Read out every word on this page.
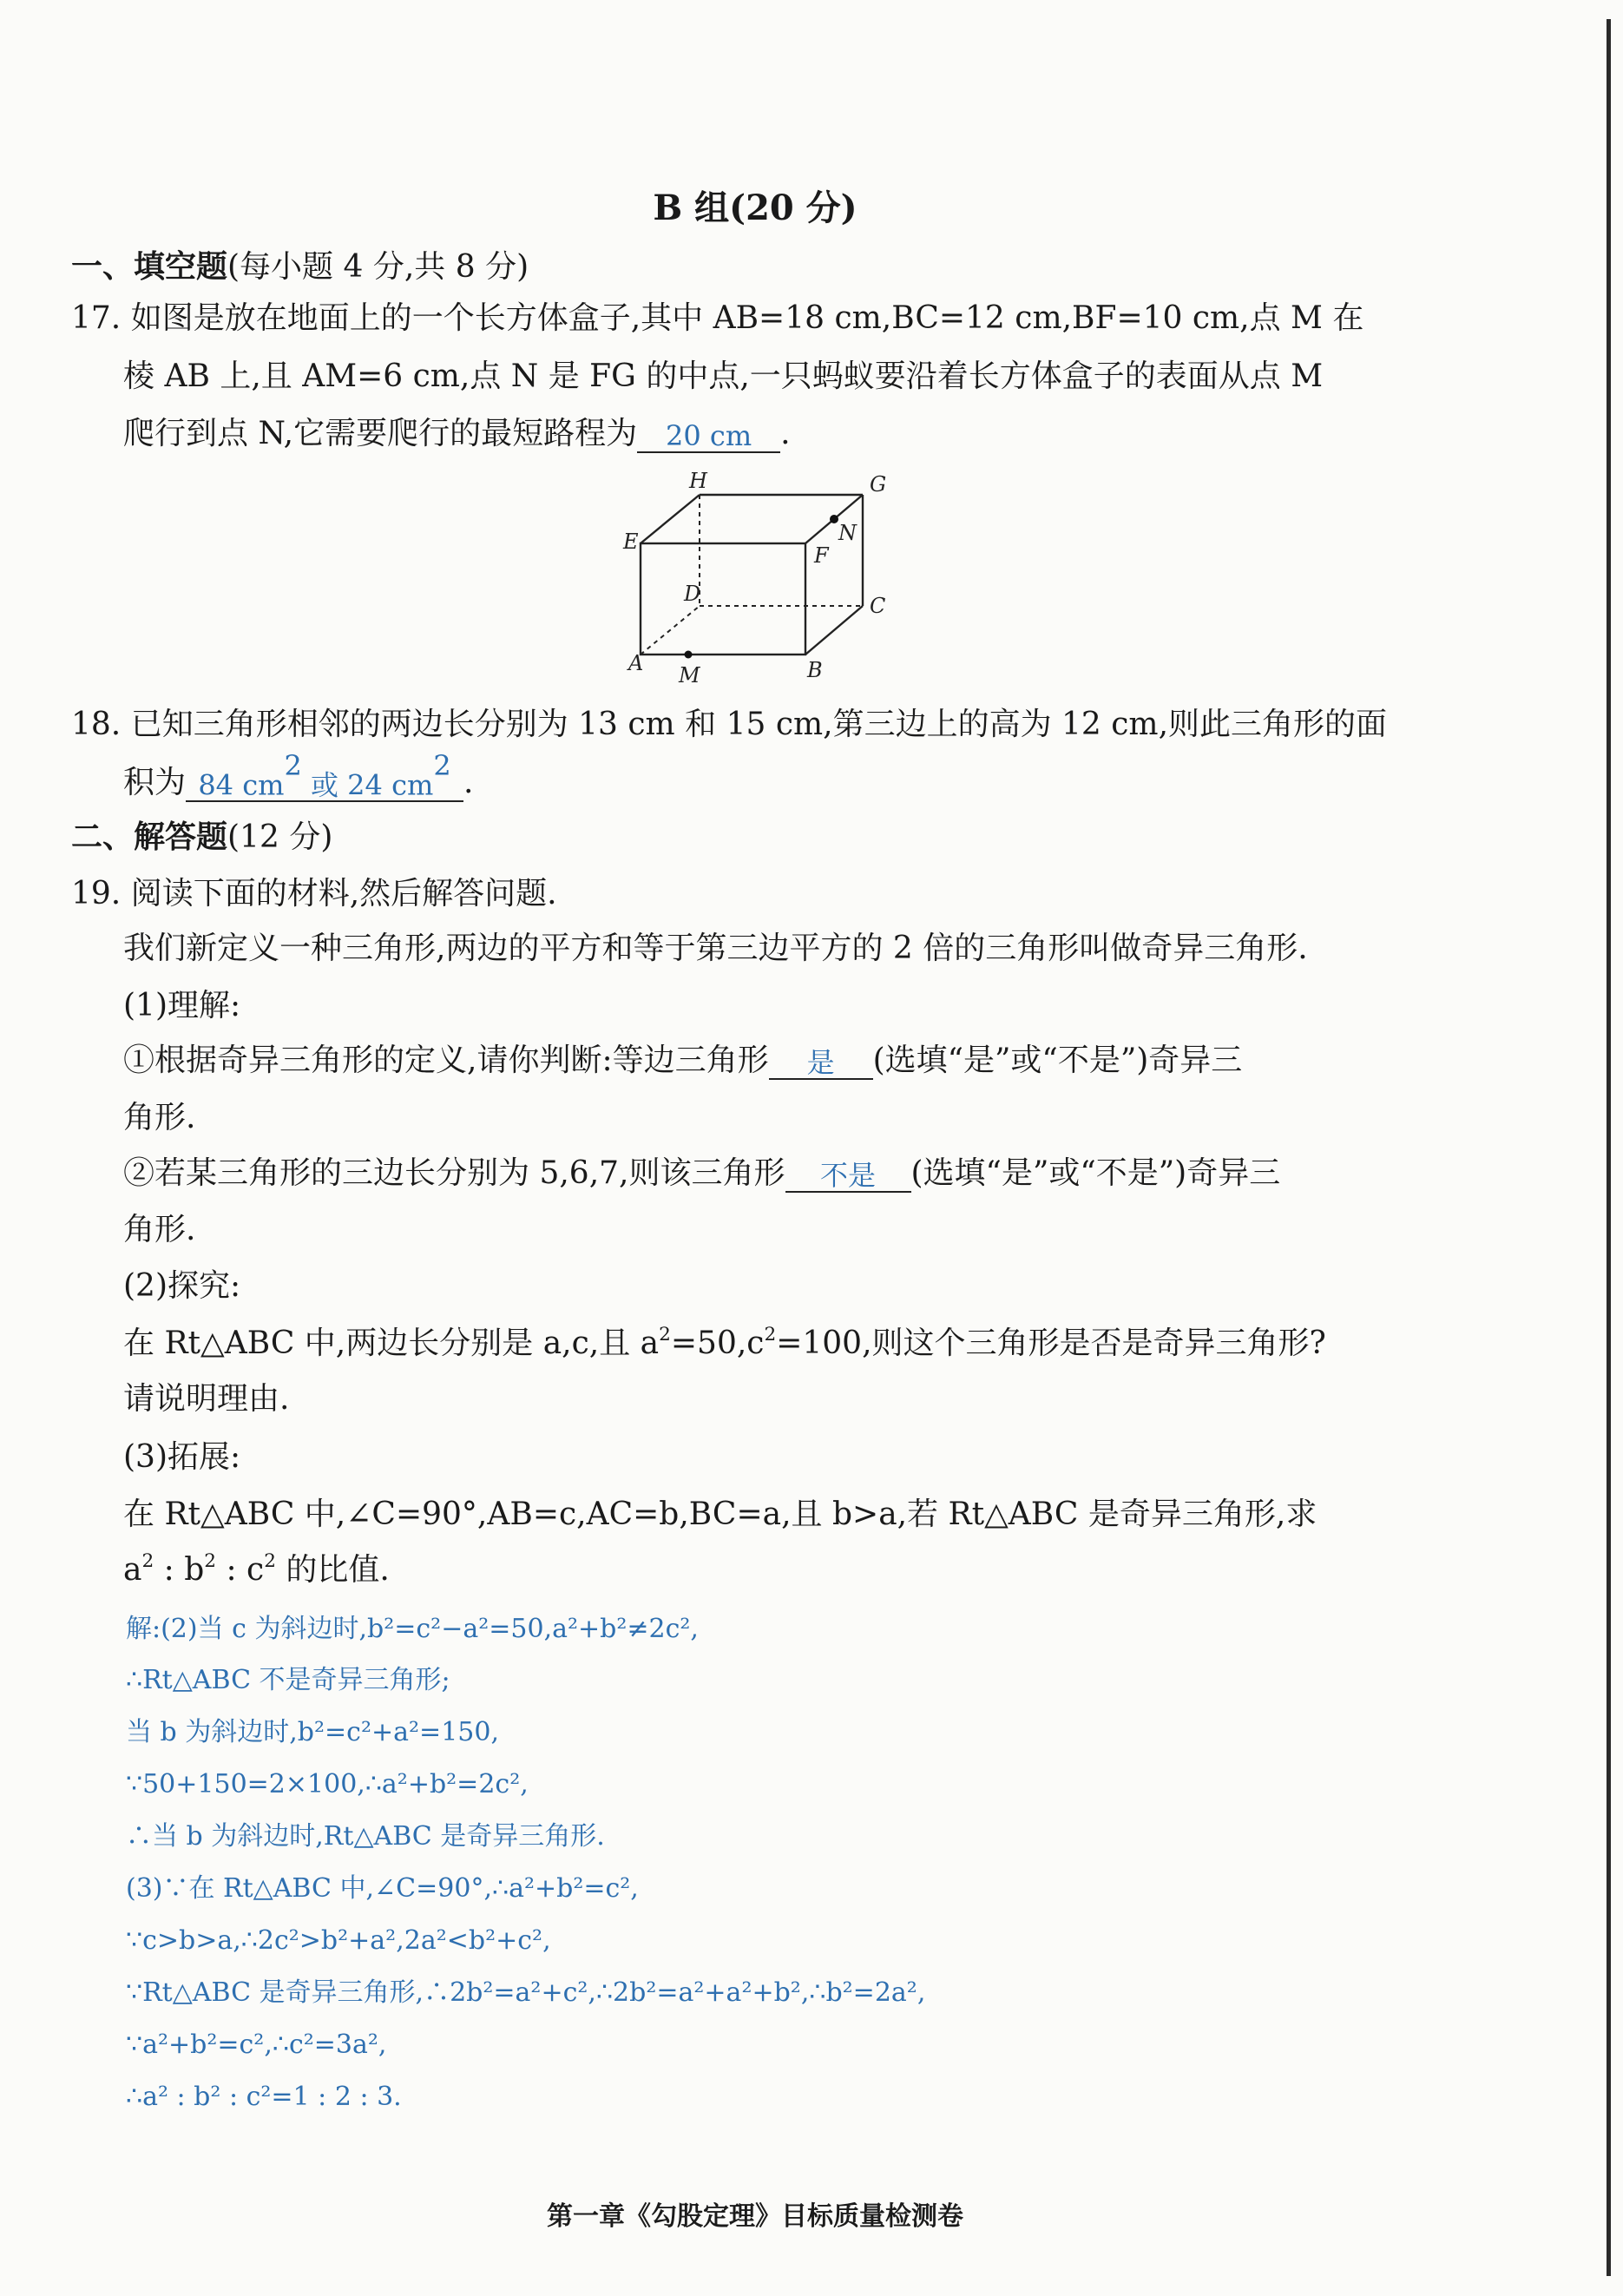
B 组(20 分)
一、填空题(每小题 4 分,共 8 分)
17. 如图是放在地面上的一个长方体盒子,其中 AB=18 cm,BC=12 cm,BF=10 cm,点 M 在
棱 AB 上,且 AM=6 cm,点 N 是 FG 的中点,一只蚂蚁要沿着长方体盒子的表面从点 M
爬行到点 N,它需要爬行的最短路程为 20 cm .
H	G
E	N
F
D	C
A M	B
18. 已知三角形相邻的两边长分别为 13 cm 和 15 cm,第三边上的高为 12 cm,则此三角形的面
积为 84 $cm^2$ 或 24 $cm^2$ .
二、解答题(12 分)
19. 阅读下面的材料,然后解答问题.
我们新定义一种三角形,两边的平方和等于第三边平方的 2 倍的三角形叫做奇异三角形.
(1)理解:
①根据奇异三角形的定义,请你判断:等边三角形 是 (选填“是”或“不是”)奇异三
角形.
②若某三角形的三边长分别为 5,6,7,则该三角形 不是 (选填“是”或“不是”)奇异三
角形.
(2)探究:
在 Rt△ABC 中,两边长分别是 a,c,且 $a^2=50,c^2=100$,则这个三角形是否是奇异三角形?
请说明理由.
(3)拓展:
在 Rt△ABC 中,∠C=90°,AB=c,AC=b,BC=a,且 b>a,若 Rt△ABC 是奇异三角形,求
$a^2$ : $b^2$ : $c^2$ 的比值.
解:(2)当 c 为斜边时,b²=c²−a²=50,a²+b²≠2c²,
∴Rt△ABC 不是奇异三角形;
当 b 为斜边时,b²=c²+a²=150,
∵50+150=2×100,∴a²+b²=2c²,
∴当 b 为斜边时,Rt△ABC 是奇异三角形.
(3)∵在 Rt△ABC 中,∠C=90°,∴a²+b²=c²,
∵c>b>a,∴2c²>b²+a²,2a²<b²+c²,
∵Rt△ABC 是奇异三角形,∴2b²=a²+c²,∴2b²=a²+a²+b²,∴b²=2a²,
∵a²+b²=c²,∴c²=3a²,
∴a² : b² : c²=1 : 2 : 3.
第一章《勾股定理》目标质量检测卷
